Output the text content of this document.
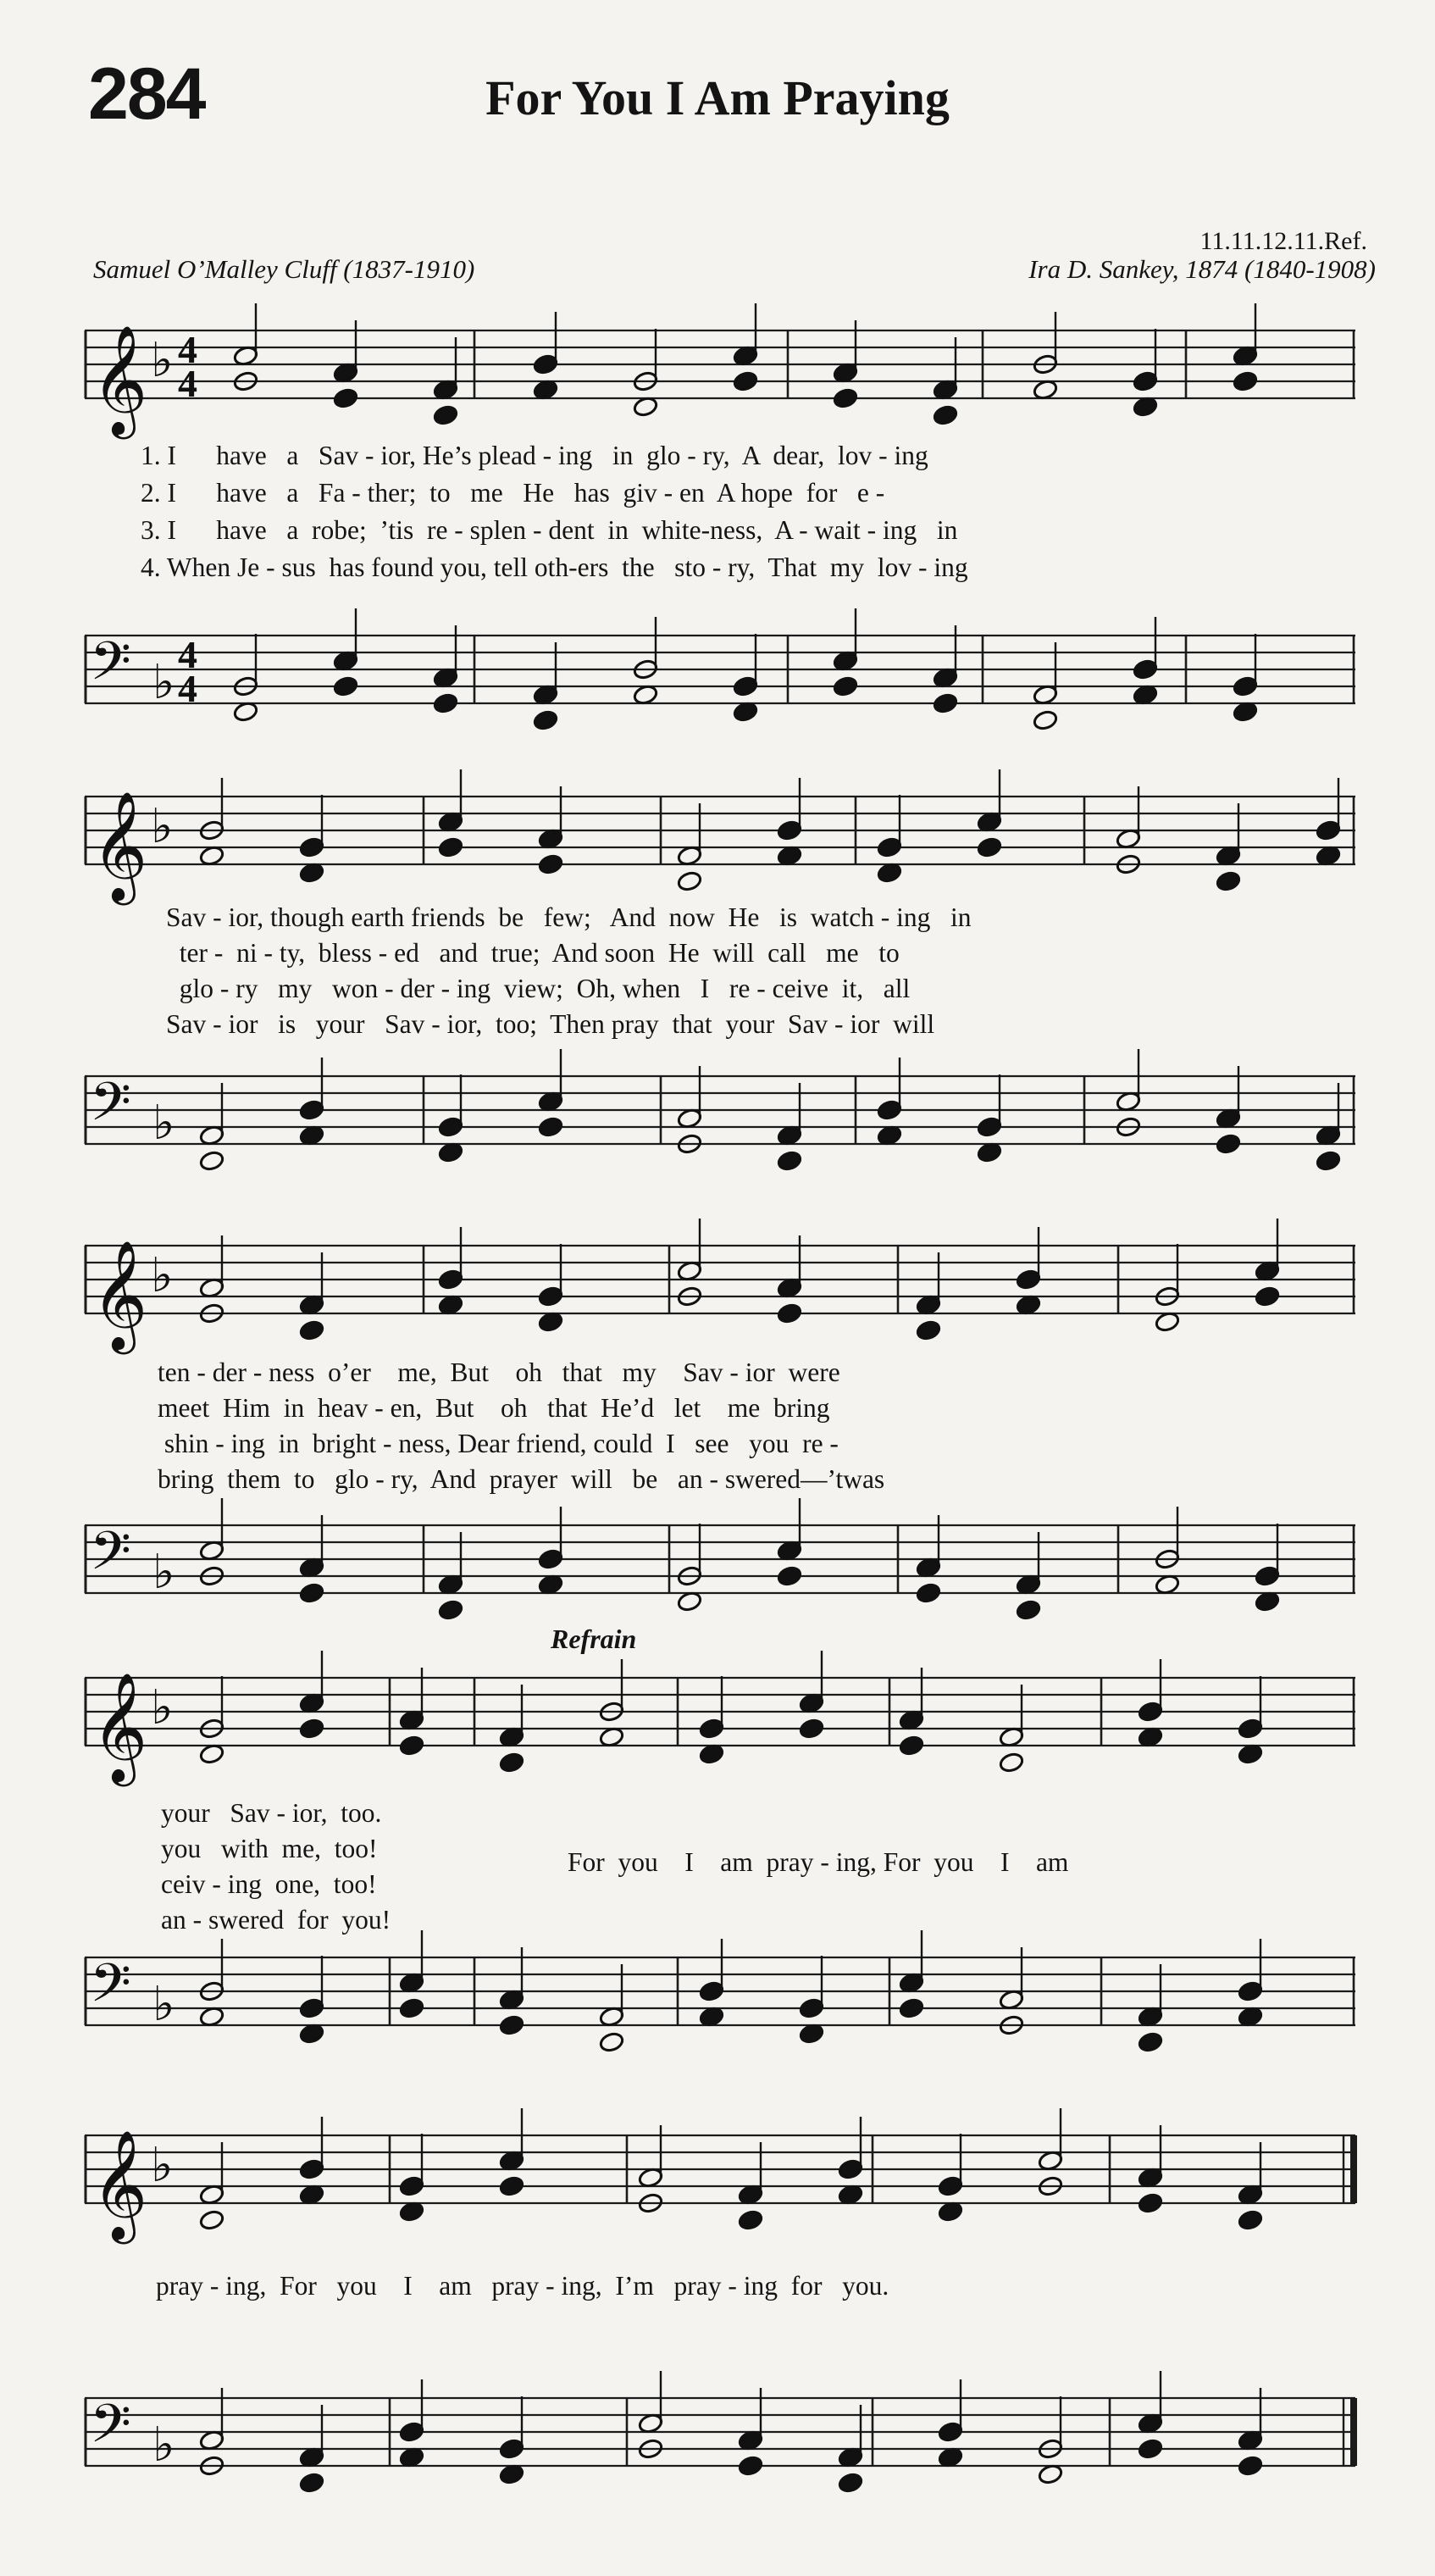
284	For You I Am Praying
11.11.12.11.Ref.
Samuel O’Malley Cluff (1837-1910)	Ira D. Sankey, 1874 (1840-1908)
Refrain
𝄞 ♭ 4
4
1. I      have   a   Sav - ior, He’s plead - ing   in  glo - ry,  A  dear,  lov - ing
2. I      have   a   Fa - ther;  to   me   He   has  giv - en  A hope  for   e -
3. I      have   a  robe;  ’tis  re - splen - dent  in  white-ness,  A - wait - ing   in
4. When Je - sus  has found you, tell oth-ers  the   sto - ry,  That  my  lov - ing
𝄢 ♭
4
4
𝄞 ♭
Sav - ior, though earth friends  be   few;   And  now  He   is  watch - ing   in
ter -  ni - ty,  bless - ed   and  true;  And soon  He  will  call   me   to
glo - ry   my   won - der - ing  view;  Oh, when   I   re - ceive  it,   all
Sav - ior   is   your   Sav - ior,  too;  Then pray  that  your  Sav - ior  will
𝄢 ♭
𝄞 ♭
ten - der - ness  o’er    me,  But    oh   that   my    Sav - ior  were
meet  Him  in  heav - en,  But    oh   that  He’d   let    me  bring
shin - ing  in  bright - ness, Dear friend, could  I   see   you  re -
bring  them  to   glo - ry,  And  prayer  will   be   an - swered—’twas
𝄢 ♭
𝄞 ♭
your   Sav - ior,  too.
you   with  me,  too!
ceiv - ing  one,  too!
an - swered  for  you!
For  you    I    am  pray - ing, For  you    I    am
𝄢 ♭
𝄞 ♭
pray - ing,  For   you    I    am   pray - ing,  I’m   pray - ing  for   you.
𝄢 ♭
